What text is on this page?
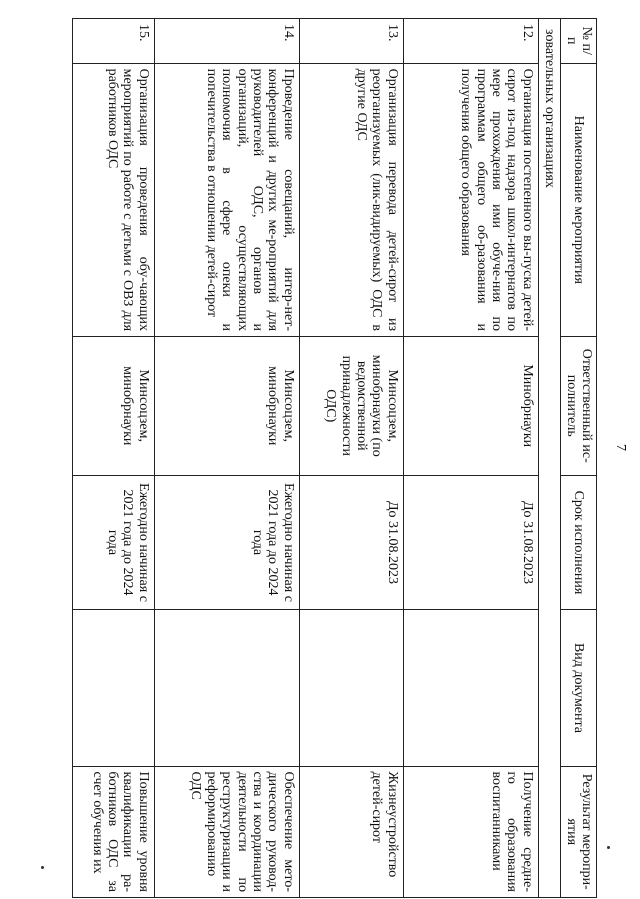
7
№ п/п	Наименование мероприятия	Ответственный ис-полнитель	Срок исполнения	Вид документа	Результат меропри-ятия
зовательных организациях					
12.	Организация постепенного вы-пуска детей-сирот из-под надзора школ-интернатов по мере прохождения ими обуче-ния по программам общего об-разования и получения общего образования	Минобрнауки	До 31.08.2023		Получение средне-го образования воспитанниками
13.	Организация перевода детей-сирот из реорганизуемых (лик-видируемых) ОДС в другие ОДС	Минсоцзем, минобрнауки (по ведомственной принадлежности ОДС)	До 31.08.2023		Жизнеустройство детей-сирот
14.	Проведение совещаний, интер-нет-конференций и других ме-роприятий для руководителей ОДС, органов и организаций, осуществляющих полномочия в сфере опеки и попечительства в отношении детей-сирот	Минсоцзем, минобрнауки	Ежегодно начиная с 2021 года до 2024 года		Обеспечение мето-дического руковод-ства и координации деятельности по реструктуризации и реформированию ОДС
15.	Организация проведения обу-чающих мероприятий по работе с детьми с ОВЗ для работников ОДС	Минсоцзем, минобрнауки	Ежегодно начиная с 2021 года до 2024 года		Повышение уровня квалификации ра-ботников ОДС за счет обучения их
